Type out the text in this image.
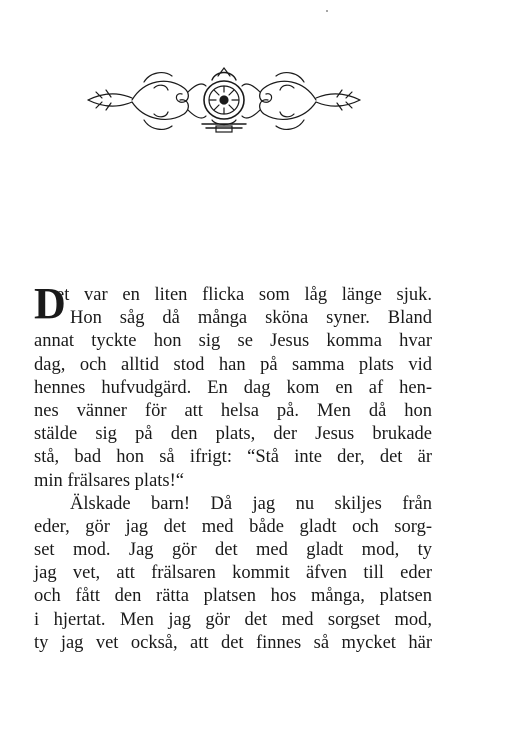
D
et var en liten flicka som låg länge sjuk.
Hon såg då många sköna syner. Bland
annat tyckte hon sig se Jesus komma hvar
dag, och alltid stod han på samma plats vid
hennes hufvudgärd. En dag kom en af hen-
nes vänner för att helsa på. Men då hon
stälde sig på den plats, der Jesus brukade
stå, bad hon så ifrigt: “Stå inte der, det är
min frälsares plats!“
Älskade barn! Då jag nu skiljes från
eder, gör jag det med både gladt och sorg-
set mod. Jag gör det med gladt mod, ty
jag vet, att frälsaren kommit äfven till eder
och fått den rätta platsen hos många, platsen
i hjertat. Men jag gör det med sorgset mod,
ty jag vet också, att det finnes så mycket här
